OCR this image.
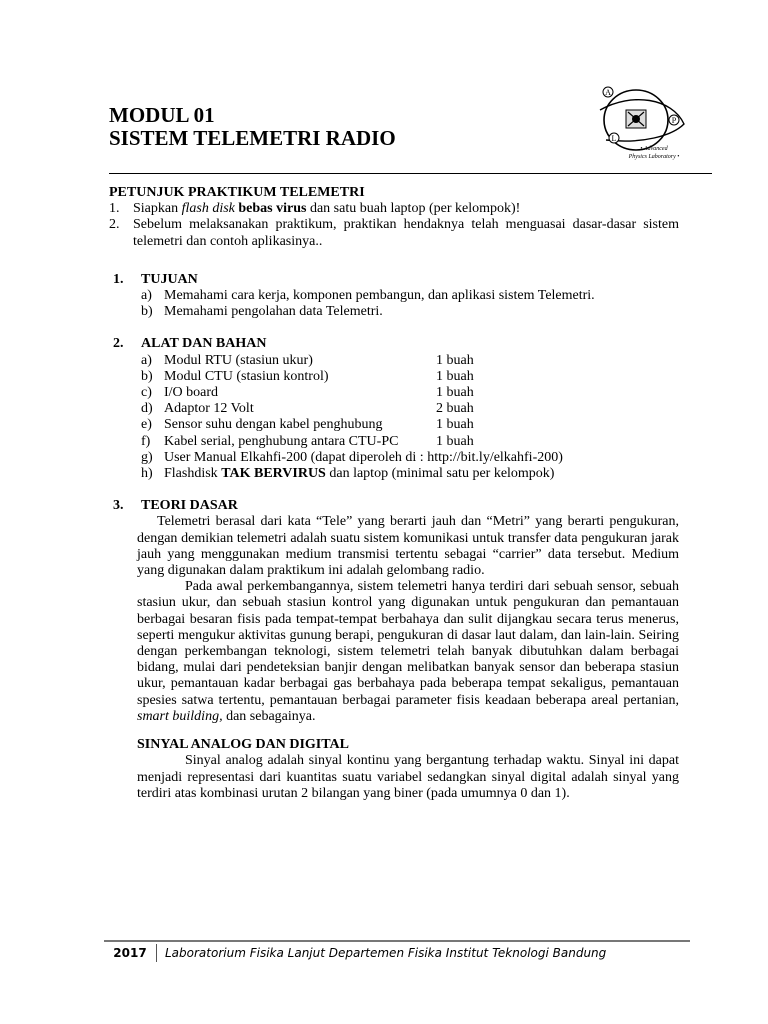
MODUL 01
SISTEM TELEMETRI RADIO
A
P
L
• Advanced
Physics Laboratory •
PETUNJUK PRAKTIKUM TELEMETRI
1. Siapkan flash disk bebas virus dan satu buah laptop (per kelompok)!
2. Sebelum melaksanakan praktikum, praktikan hendaknya telah menguasai dasar-dasar sistem telemetri dan contoh aplikasinya..
1.	TUJUAN
a) Memahami cara kerja, komponen pembangun, dan aplikasi sistem Telemetri.
b) Memahami pengolahan data Telemetri.
2.	ALAT DAN BAHAN
a) Modul RTU (stasiun ukur)	1 buah
b) Modul CTU (stasiun kontrol)	1 buah
c) I/O board	1 buah
d) Adaptor 12 Volt	2 buah
e) Sensor suhu dengan kabel penghubung	1 buah
f) Kabel serial, penghubung antara CTU-PC	1 buah
g) User Manual Elkahfi-200 (dapat diperoleh di : http://bit.ly/elkahfi-200)
h) Flashdisk TAK BERVIRUS dan laptop (minimal satu per kelompok)
3.	TEORI DASAR
Telemetri berasal dari kata “Tele” yang berarti jauh dan “Metri” yang berarti pengukuran, dengan demikian telemetri adalah suatu sistem komunikasi untuk transfer data pengukuran jarak jauh yang menggunakan medium transmisi tertentu sebagai “carrier” data tersebut. Medium yang digunakan dalam praktikum ini adalah gelombang radio.
Pada awal perkembangannya, sistem telemetri hanya terdiri dari sebuah sensor, sebuah stasiun ukur, dan sebuah stasiun kontrol yang digunakan untuk pengukuran dan pemantauan berbagai besaran fisis pada tempat-tempat berbahaya dan sulit dijangkau secara terus menerus, seperti mengukur aktivitas gunung berapi, pengukuran di dasar laut dalam, dan lain-lain. Seiring dengan perkembangan teknologi, sistem telemetri telah banyak dibutuhkan dalam berbagai bidang, mulai dari pendeteksian banjir dengan melibatkan banyak sensor dan beberapa stasiun ukur, pemantauan kadar berbagai gas berbahaya pada beberapa tempat sekaligus, pemantauan spesies satwa tertentu, pemantauan berbagai parameter fisis keadaan beberapa areal pertanian, smart building, dan sebagainya.
SINYAL ANALOG DAN DIGITAL
Sinyal analog adalah sinyal kontinu yang bergantung terhadap waktu. Sinyal ini dapat menjadi representasi dari kuantitas suatu variabel sedangkan sinyal digital adalah sinyal yang terdiri atas kombinasi urutan 2 bilangan yang biner (pada umumnya 0 dan 1).
2017	Laboratorium Fisika Lanjut Departemen Fisika Institut Teknologi Bandung
